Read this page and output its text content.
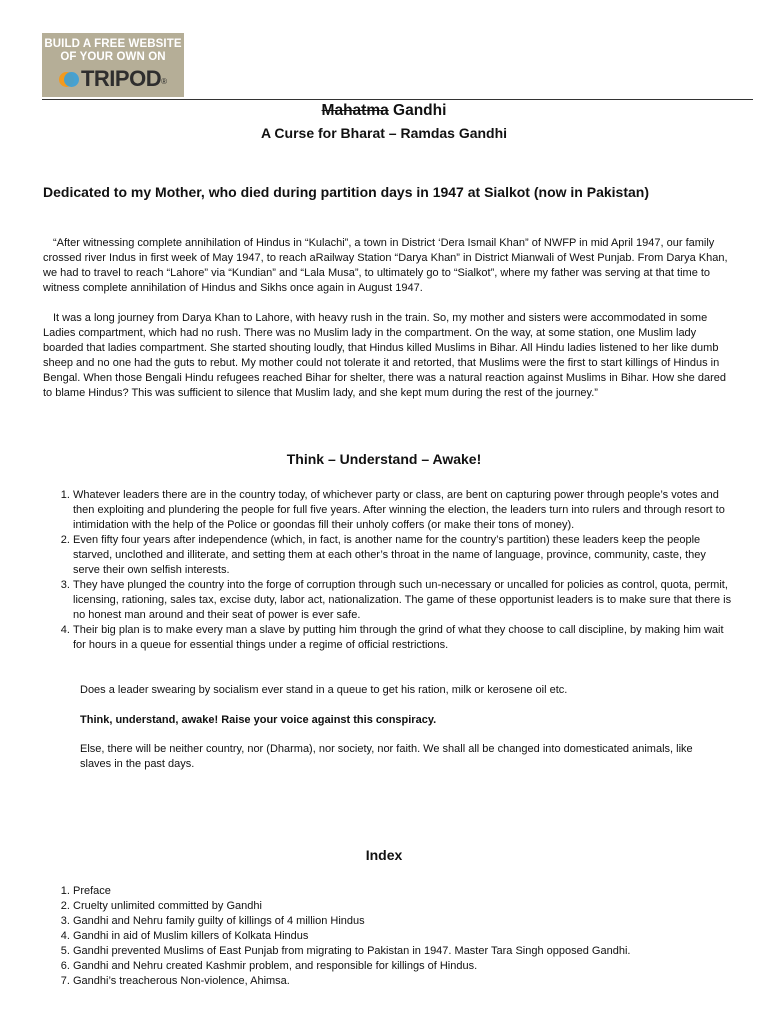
BUILD A FREE WEBSITE
OF YOUR OWN ON
TRIPOD ®
Mahatma Gandhi
A Curse for Bharat – Ramdas Gandhi
Dedicated to my Mother, who died during partition days in 1947 at Sialkot (now in Pakistan)

“After witnessing complete annihilation of Hindus in “Kulachi”, a town in District ‘Dera Ismail Khan” of NWFP in mid April 1947, our family crossed river Indus in first week of May 1947, to reach aRailway Station “Darya Khan” in District Mianwali of West Punjab. From Darya Khan, we had to travel to reach “Lahore” via “Kundian” and “Lala Musa”, to ultimately go to “Sialkot”, where my father was serving at that time to witness complete annihilation of Hindus and Sikhs once again in August 1947.

It was a long journey from Darya Khan to Lahore, with heavy rush in the train. So, my mother and sisters were accommodated in some Ladies compartment, which had no rush. There was no Muslim lady in the compartment. On the way, at some station, one Muslim lady boarded that ladies compartment. She started shouting loudly, that Hindus killed Muslims in Bihar. All Hindu ladies listened to her like dumb sheep and no one had the guts to rebut. My mother could not tolerate it and retorted, that Muslims were the first to start killings of Hindus in Bengal. When those Bengali Hindu refugees reached Bihar for shelter, there was a natural reaction against Muslims in Bihar. How she dared to blame Hindus? This was sufficient to silence that Muslim lady, and she kept mum during the rest of the journey.”

Think – Understand – Awake!
1. Whatever leaders there are in the country today, of whichever party or class, are bent on capturing power through people’s votes and then exploiting and plundering the people for full five years. After winning the election, the leaders turn into rulers and through resort to intimidation with the help of the Police or goondas fill their unholy coffers (or make their tons of money).
2. Even fifty four years after independence (which, in fact, is another name for the country’s partition) these leaders keep the people starved, unclothed and illiterate, and setting them at each other’s throat in the name of language, province, community, caste, they serve their own selfish interests.
3. They have plunged the country into the forge of corruption through such un-necessary or uncalled for policies as control, quota, permit, licensing, rationing, sales tax, excise duty, labor act, nationalization. The game of these opportunist leaders is to make sure that there is no honest man around and their seat of power is ever safe.
4. Their big plan is to make every man a slave by putting him through the grind of what they choose to call discipline, by making him wait for hours in a queue for essential things under a regime of official restrictions.
Does a leader swearing by socialism ever stand in a queue to get his ration, milk or kerosene oil etc.
Think, understand, awake! Raise your voice against this conspiracy.
Else, there will be neither country, nor (Dharma), nor society, nor faith. We shall all be changed into domesticated animals, like slaves in the past days.
Index
1. Preface
2. Cruelty unlimited committed by Gandhi
3. Gandhi and Nehru family guilty of killings of 4 million Hindus
4. Gandhi in aid of Muslim killers of Kolkata Hindus
5. Gandhi prevented Muslims of East Punjab from migrating to Pakistan in 1947. Master Tara Singh opposed Gandhi.
6. Gandhi and Nehru created Kashmir problem, and responsible for killings of Hindus.
7. Gandhi’s treacherous Non-violence, Ahimsa.
